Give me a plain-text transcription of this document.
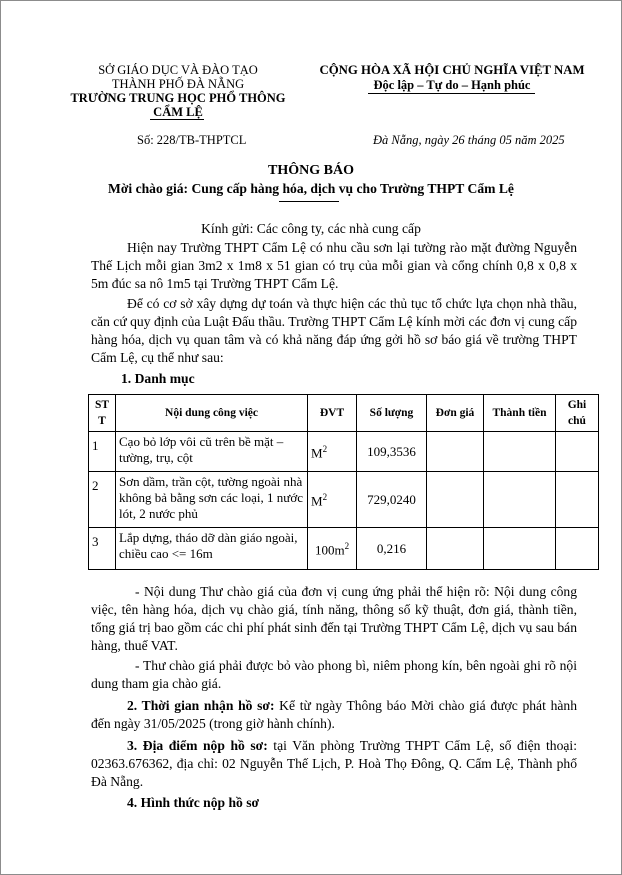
SỞ GIÁO DỤC VÀ ĐÀO TẠO
THÀNH PHỐ ĐÀ NẴNG
TRƯỜNG TRUNG HỌC PHỔ THÔNG
CẨM LỆ
CỘNG HÒA XÃ HỘI CHỦ NGHĨA VIỆT NAM
Độc lập – Tự do – Hạnh phúc
Số: 228/TB-THPTCL	Đà Nẵng, ngày 26 tháng 05 năm 2025
THÔNG BÁO
Mời chào giá: Cung cấp hàng hóa, dịch vụ cho Trường THPT Cẩm Lệ
Kính gửi: Các công ty, các nhà cung cấp
Hiện nay Trường THPT Cẩm Lệ có nhu cầu sơn lại tường rào mặt đường Nguyễn Thế Lịch mỗi gian 3m2 x 1m8 x 51 gian có trụ của mỗi gian và cổng chính 0,8 x 0,8 x 5m đúc sa nô 1m5 tại Trường THPT Cẩm Lệ.
Để có cơ sở xây dựng dự toán và thực hiện các thủ tục tổ chức lựa chọn nhà thầu, căn cứ quy định của Luật Đấu thầu. Trường THPT Cẩm Lệ kính mời các đơn vị cung cấp hàng hóa, dịch vụ quan tâm và có khả năng đáp ứng gởi hồ sơ báo giá về trường THPT Cẩm Lệ, cụ thể như sau:
1. Danh mục
ST T	Nội dung công việc	ĐVT	Số lượng	Đơn giá	Thành tiền	Ghi chú
1	Cạo bỏ lớp vôi cũ trên bề mặt – tường, trụ, cột	$M^2$	109,3536			
2	Sơn dầm, trần cột, tường ngoài nhà không bả bằng sơn các loại, 1 nước lót, 2 nước phủ	$M^2$	729,0240			
3	Lắp dựng, tháo dỡ dàn giáo ngoài, chiều cao <= 16m	$100m^2$	0,216			
- Nội dung Thư chào giá của đơn vị cung ứng phải thể hiện rõ: Nội dung công việc, tên hàng hóa, dịch vụ chào giá, tính năng, thông số kỹ thuật, đơn giá, thành tiền, tổng giá trị bao gồm các chi phí phát sinh đến tại Trường THPT Cẩm Lệ, dịch vụ sau bán hàng, thuế VAT.
- Thư chào giá phải được bỏ vào phong bì, niêm phong kín, bên ngoài ghi rõ nội dung tham gia chào giá.
2. Thời gian nhận hồ sơ: Kể từ ngày Thông báo Mời chào giá được phát hành đến ngày 31/05/2025 (trong giờ hành chính).
3. Địa điểm nộp hồ sơ: tại Văn phòng Trường THPT Cẩm Lệ, số điện thoại: 02363.676362, địa chỉ: 02 Nguyễn Thế Lịch, P. Hoà Thọ Đông, Q. Cẩm Lệ, Thành phố Đà Nẵng.
4. Hình thức nộp hồ sơ
